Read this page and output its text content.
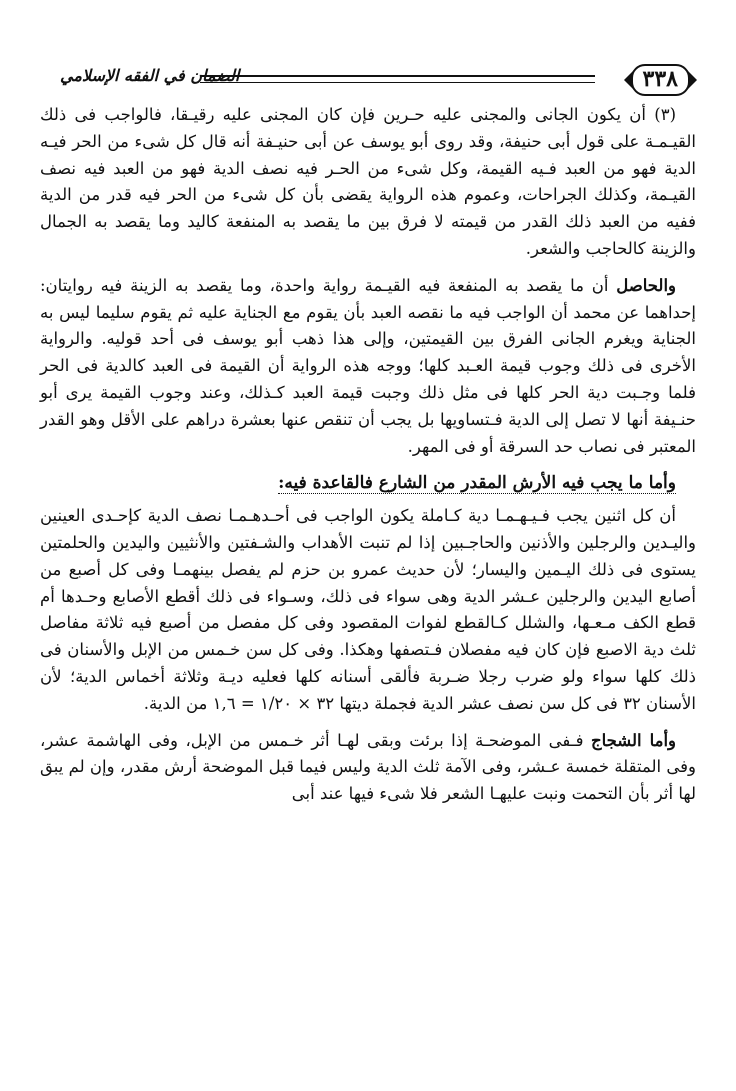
٣٣٨
الضمان في الفقه الإسلامي

(٣) أن يكون الجانى والمجنى عليه حـرين فإن كان المجنى عليه رقيـقا، فالواجب فى ذلك القيـمـة على قول أبى حنيفة، وقد روى أبو يوسف عن أبى حنيـفة أنه قال كل شىء من الحر فيـه الدية فهو من العبد فـيه القيمة، وكل شىء من الحـر فيه نصف الدية فهو من العبد فيه نصف القيـمة، وكذلك الجراحات، وعموم هذه الرواية يقضى بأن كل شىء من الحر فيه قدر من الدية ففيه من العبد ذلك القدر من قيمته لا فرق بين ما يقصد به المنفعة كاليد وما يقصد به الجمال والزينة كالحاجب والشعر.

والحاصل أن ما يقصد به المنفعة فيه القيـمة رواية واحدة، وما يقصد به الزينة فيه روايتان: إحداهما عن محمد أن الواجب فيه ما نقصه العبد بأن يقوم مع الجناية عليه ثم يقوم سليما ليس به الجناية ويغرم الجانى الفرق بين القيمتين، وإلى هذا ذهب أبو يوسف فى أحد قوليه. والرواية الأخرى فى ذلك وجوب قيمة العـبد كلها؛ ووجه هذه الرواية أن القيمة فى العبد كالدية فى الحر فلما وجـبت دية الحر كلها فى مثل ذلك وجبت قيمة العبد كـذلك، وعند وجوب القيمة يرى أبو حنـيفة أنها لا تصل إلى الدية فـتساويها بل يجب أن تنقص عنها بعشرة دراهم على الأقل وهو القدر المعتبر فى نصاب حد السرقة أو فى المهر.

وأما ما يجب فيه الأرش المقدر من الشارع فالقاعدة فيه:

أن كل اثنين يجب فـيـهـمـا دية كـاملة يكون الواجب فى أحـدهـمـا نصف الدية كإحـدى العينين واليـدين والرجلين والأذنين والحاجـبين إذا لم تنبت الأهداب والشـفتين والأنثيين واليدين والحلمتين يستوى فى ذلك اليـمين واليسار؛ لأن حديث عمرو بن حزم لم يفصل بينهمـا وفى كل أصبع من أصابع اليدين والرجلين عـشر الدية وهى سواء فى ذلك، وسـواء فى ذلك أقطع الأصابع وحـدها أم قطع الكف مـعـها، والشلل كـالقطع لفوات المقصود وفى كل مفصل من أصبع فيه ثلاثة مفاصل ثلث دية الاصبع فإن كان فيه مفصلان فـتصفها وهكذا. وفى كل سن خـمس من الإبل والأسنان فى ذلك كلها سواء ولو ضرب رجلا ضـربة فألقى أسنانه كلها فعليه ديـة وثلاثة أخماس الدية؛ لأن الأسنان ٣٢ فى كل سن نصف عشر الدية فجملة ديتها ٣٢ × ١/٢٠ = ١,٦ من الدية.

وأما الشجاج فـفى الموضحـة إذا برئت وبقى لهـا أثر خـمس من الإبل، وفى الهاشمة عشر، وفى المتقلة خمسة عـشر، وفى الآمة ثلث الدية وليس فيما قبل الموضحة أرش مقدر، وإن لم يبق لها أثر بأن التحمت ونبت عليهـا الشعر فلا شىء فيها عند أبى
